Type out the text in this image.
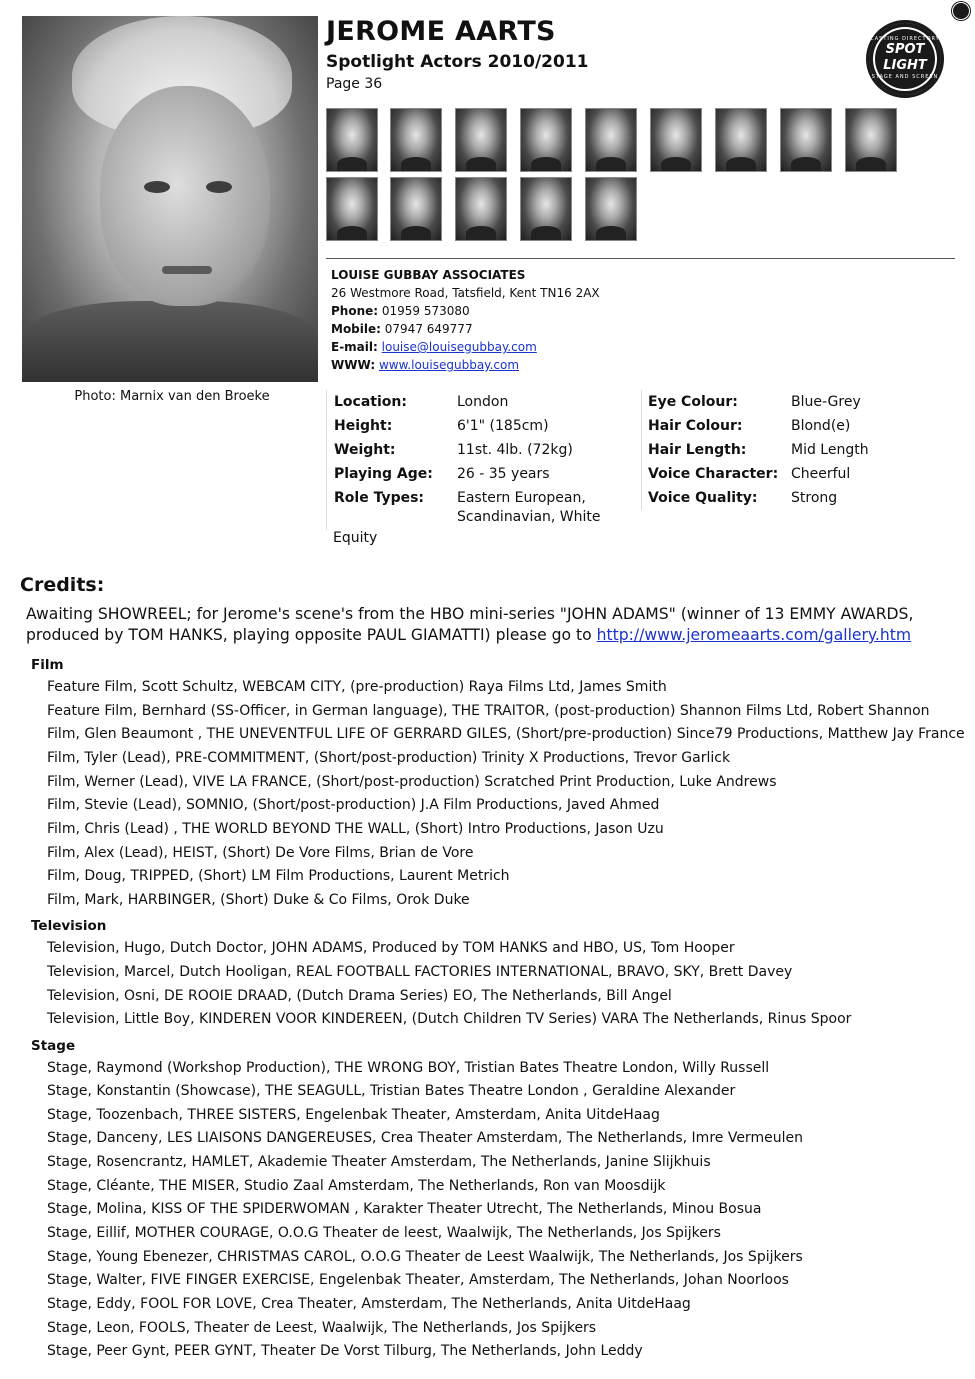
Photo: Marnix van den Broeke
JEROME AARTS
Spotlight Actors 2010/2011
Page 36
CASTING DIRECTORY
SPOT LIGHT
STAGE AND SCREEN
LOUISE GUBBAY ASSOCIATES
26 Westmore Road, Tatsfield, Kent TN16 2AX
Phone: 01959 573080
Mobile: 07947 649777
E-mail: louise@louisegubbay.com
WWW: www.louisegubbay.com
Location:	London
Height:	6'1" (185cm)
Weight:	11st. 4lb. (72kg)
Playing Age: 26 - 35 years
Role Types: Eastern European,
Scandinavian, White
Eye Colour:	Blue-Grey
Hair Colour:	Blond(e)
Hair Length:	Mid Length
Voice Character: Cheerful
Voice Quality: Strong
Equity
Credits:
Awaiting SHOWREEL; for Jerome's scene's from the HBO mini-series "JOHN ADAMS" (winner of 13 EMMY AWARDS, produced by TOM HANKS, playing opposite PAUL GIAMATTI) please go to http://www.jeromeaarts.com/gallery.htm
Film
Feature Film, Scott Schultz, WEBCAM CITY, (pre-production) Raya Films Ltd, James Smith
Feature Film, Bernhard (SS-Officer, in German language), THE TRAITOR, (post-production) Shannon Films Ltd, Robert Shannon
Film, Glen Beaumont , THE UNEVENTFUL LIFE OF GERRARD GILES, (Short/pre-production) Since79 Productions, Matthew Jay France
Film, Tyler (Lead), PRE-COMMITMENT, (Short/post-production) Trinity X Productions, Trevor Garlick
Film, Werner (Lead), VIVE LA FRANCE, (Short/post-production) Scratched Print Production, Luke Andrews
Film, Stevie (Lead), SOMNIO, (Short/post-production) J.A Film Productions, Javed Ahmed
Film, Chris (Lead) , THE WORLD BEYOND THE WALL, (Short) Intro Productions, Jason Uzu
Film, Alex (Lead), HEIST, (Short) De Vore Films, Brian de Vore
Film, Doug, TRIPPED, (Short) LM Film Productions, Laurent Metrich
Film, Mark, HARBINGER, (Short) Duke & Co Films, Orok Duke
Television
Television, Hugo, Dutch Doctor, JOHN ADAMS, Produced by TOM HANKS and HBO, US, Tom Hooper
Television, Marcel, Dutch Hooligan, REAL FOOTBALL FACTORIES INTERNATIONAL, BRAVO, SKY, Brett Davey
Television, Osni, DE ROOIE DRAAD, (Dutch Drama Series) EO, The Netherlands, Bill Angel
Television, Little Boy, KINDEREN VOOR KINDEREEN, (Dutch Children TV Series) VARA The Netherlands, Rinus Spoor
Stage
Stage, Raymond (Workshop Production), THE WRONG BOY, Tristian Bates Theatre London, Willy Russell
Stage, Konstantin (Showcase), THE SEAGULL, Tristian Bates Theatre London , Geraldine Alexander
Stage, Toozenbach, THREE SISTERS, Engelenbak Theater, Amsterdam, Anita UitdeHaag
Stage, Danceny, LES LIAISONS DANGEREUSES, Crea Theater Amsterdam, The Netherlands, Imre Vermeulen
Stage, Rosencrantz, HAMLET, Akademie Theater Amsterdam, The Netherlands, Janine Slijkhuis
Stage, Cléante, THE MISER, Studio Zaal Amsterdam, The Netherlands, Ron van Moosdijk
Stage, Molina, KISS OF THE SPIDERWOMAN , Karakter Theater Utrecht, The Netherlands, Minou Bosua
Stage, Eillif, MOTHER COURAGE, O.O.G Theater de leest, Waalwijk, The Netherlands, Jos Spijkers
Stage, Young Ebenezer, CHRISTMAS CAROL, O.O.G Theater de Leest Waalwijk, The Netherlands, Jos Spijkers
Stage, Walter, FIVE FINGER EXERCISE, Engelenbak Theater, Amsterdam, The Netherlands, Johan Noorloos
Stage, Eddy, FOOL FOR LOVE, Crea Theater, Amsterdam, The Netherlands, Anita UitdeHaag
Stage, Leon, FOOLS, Theater de Leest, Waalwijk, The Netherlands, Jos Spijkers
Stage, Peer Gynt, PEER GYNT, Theater De Vorst Tilburg, The Netherlands, John Leddy
